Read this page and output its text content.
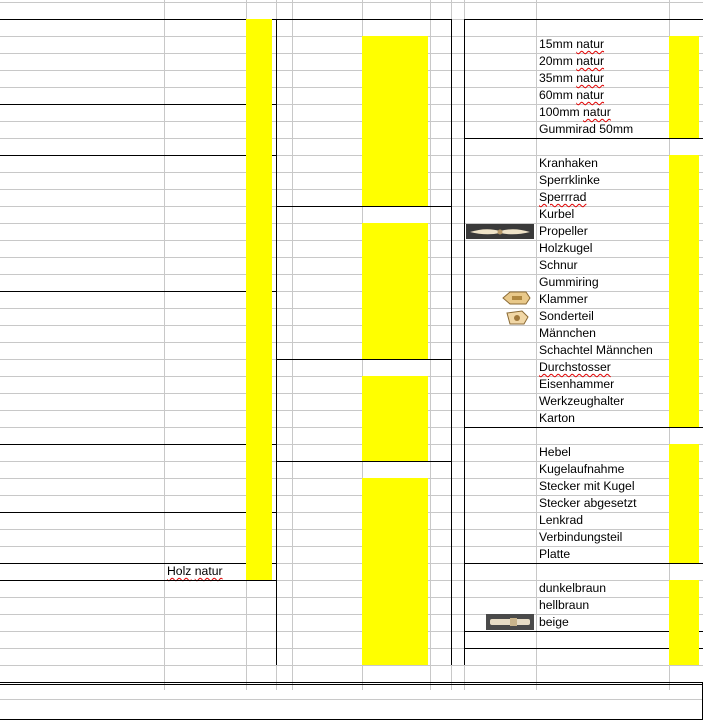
Holz natur
15mm natur
20mm natur
35mm natur
60mm natur
100mm natur
Gummirad 50mm
Kranhaken
Sperrklinke
Sperrrad
Kurbel
Propeller
Holzkugel
Schnur
Gummiring
Klammer
Sonderteil
Männchen
Schachtel Männchen
Durchstosser
Eisenhammer
Werkzeughalter
Karton
Hebel
Kugelaufnahme
Stecker mit Kugel
Stecker abgesetzt
Lenkrad
Verbindungsteil
Platte
dunkelbraun
hellbraun
beige
